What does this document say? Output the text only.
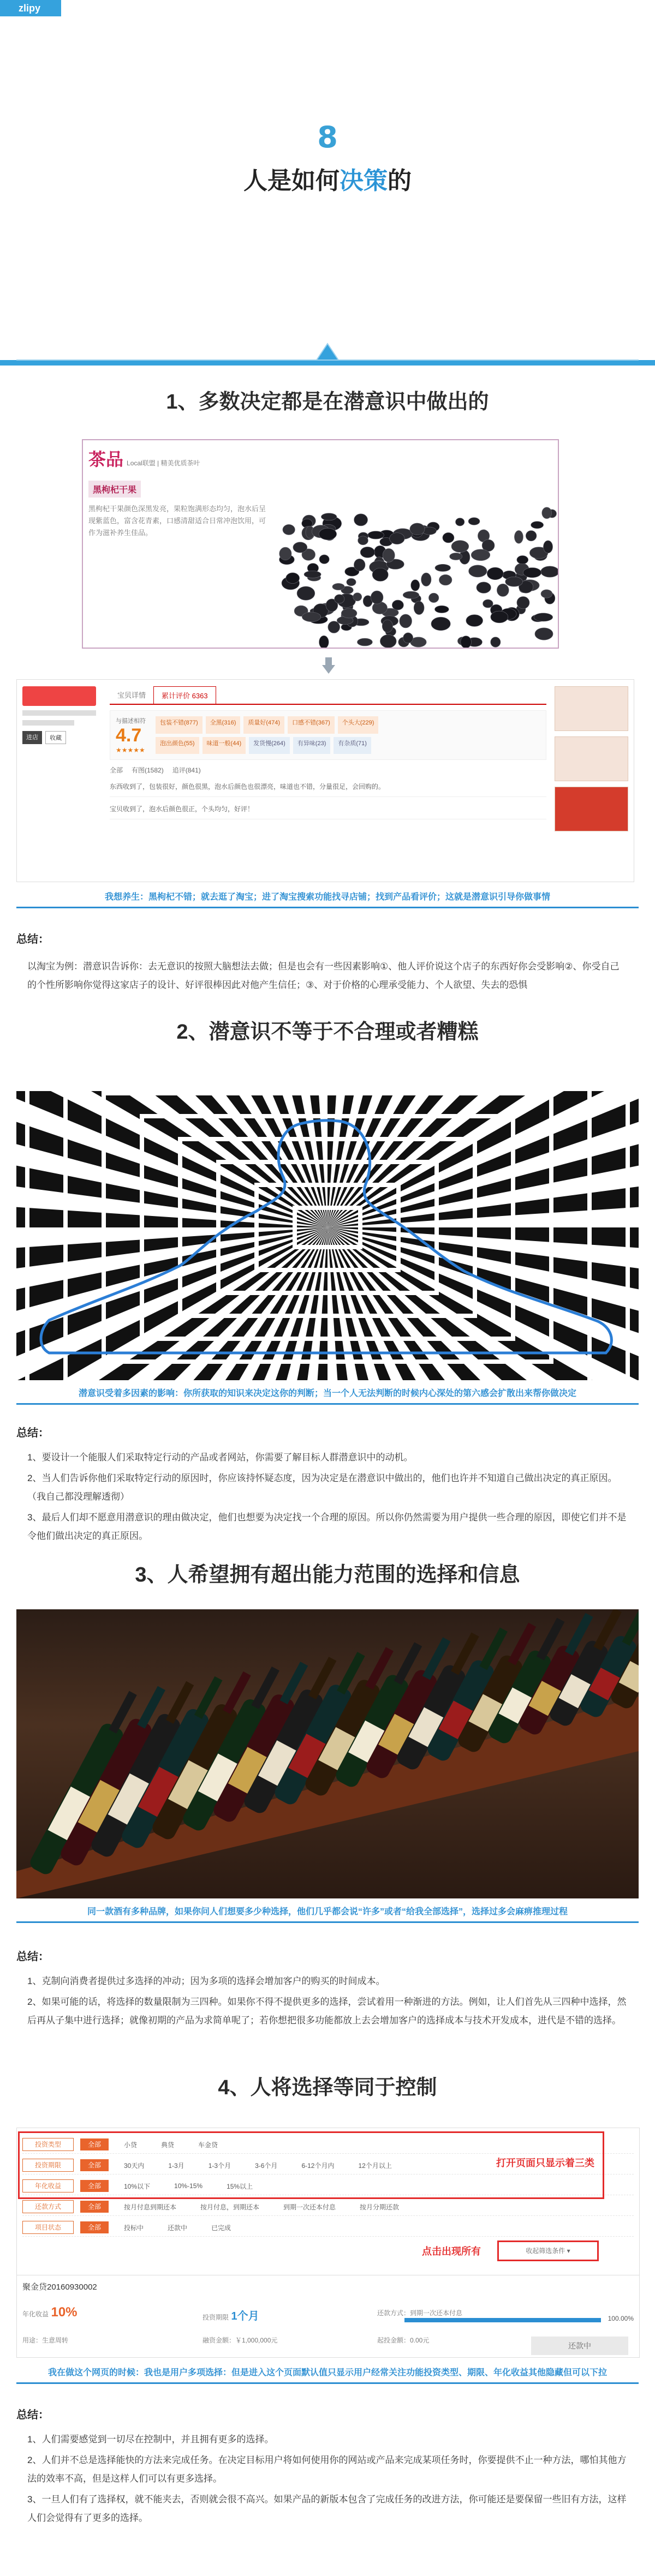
zlipy
8
人是如何决策的
1、多数决定都是在潜意识中做出的
茶品 Local联盟 | 精美优质茶叶
黑枸杞干果
黑枸杞干果颜色深黑发亮，果粒饱满形态均匀，泡水后呈现紫蓝色，富含花青素，口感清甜适合日常冲泡饮用，可作为滋补养生佳品。
进店	收藏
宝贝详情	累计评价 6363
与描述相符
4.7
★★★★★
包装不错(877)	全黑(316)	质量好(474)	口感不错(367)	个头大(229)
泡出颜色(55)	味道一般(44)	发货慢(264)	有异味(23)	有杂质(71)
全部 有图(1582) 追评(841)
东西收到了，包装很好，颜色很黑，泡水后颜色也很漂亮，味道也不错，分量很足，会回购的。
宝贝收到了，泡水后颜色很正，个头均匀，好评！
我想养生：黑枸杞不错；就去逛了淘宝；进了淘宝搜索功能找寻店铺；找到产品看评价；这就是潜意识引导你做事情
总结：

以淘宝为例：潜意识告诉你：去无意识的按照大脑想法去做；但是也会有一些因素影响①、他人评价说这个店子的东西好你会受影响②、你受自己的个性所影响你觉得这家店子的设计、好评很棒因此对他产生信任；③、对于价格的心理承受能力、个人欲望、失去的恐惧

2、潜意识不等于不合理或者糟糕
潜意识受着多因素的影响：你所获取的知识来决定这你的判断；当一个人无法判断的时候内心深处的第六感会扩散出来帮你做决定
总结：

1、要设计一个能服人们采取特定行动的产品或者网站，你需要了解目标人群潜意识中的动机。

2、当人们告诉你他们采取特定行动的原因时，你应该持怀疑态度，因为决定是在潜意识中做出的，他们也许并不知道自己做出决定的真正原因。（我自己都没理解透彻）

3、最后人们却不愿意用潜意识的理由做决定，他们也想要为决定找一个合理的原因。所以你仍然需要为用户提供一些合理的原因，即使它们并不是令他们做出决定的真正原因。

3、人希望拥有超出能力范围的选择和信息
同一款酒有多种品牌，如果你问人们想要多少种选择，他们几乎都会说“许多”或者“给我全部选择”，选择过多会麻痹推理过程
总结：

1、克制向消费者提供过多选择的冲动；因为多项的选择会增加客户的购买的时间成本。

2、如果可能的话，将选择的数量限制为三四种。如果你不得不提供更多的选择，尝试着用一种渐进的方法。例如，让人们首先从三四种中选择，然后再从子集中进行选择；就像初期的产品为求简单呢了；若你想把很多功能都放上去会增加客户的选择成本与技术开发成本，进代是不错的选择。

4、人将选择等同于控制
投资类型	全部	小贷	典贷	车金贷
投资期限	全部	30天内	1-3月	1-3个月	3-6个月	6-12个月内	12个月以上
年化收益	全部	10%以下	10%-15%	15%以上
还款方式	全部	按月付息到期还本	按月付息，到期还本	到期一次还本付息	按月分期还款
项目状态	全部	投标中	还款中	已完成
打开页面只显示着三类
点击出现所有	收起筛选条件 ▾
聚金贷20160930002
年化收益 10%	投资期限 1个月	还款方式：到期一次还本付息
用途：生意周转	融资金额：￥1,000,000元	起投金额：0.00元
100.00%
还款中
我在做这个网页的时候：我也是用户多项选择：但是进入这个页面默认值只显示用户经常关注功能投资类型、期限、年化收益其他隐藏但可以下拉
总结：

1、人们需要感觉到一切尽在控制中，并且拥有更多的选择。

2、人们并不总是选择能快的方法来完成任务。在决定目标用户将如何使用你的网站或产品来完成某项任务时，你要提供不止一种方法，哪怕其他方法的效率不高，但是这样人们可以有更多选择。

3、一旦人们有了选择权，就不能夹去，否则就会很不高兴。如果产品的新版本包含了完成任务的改进方法，你可能还是要保留一些旧有方法，这样人们会觉得有了更多的选择。
